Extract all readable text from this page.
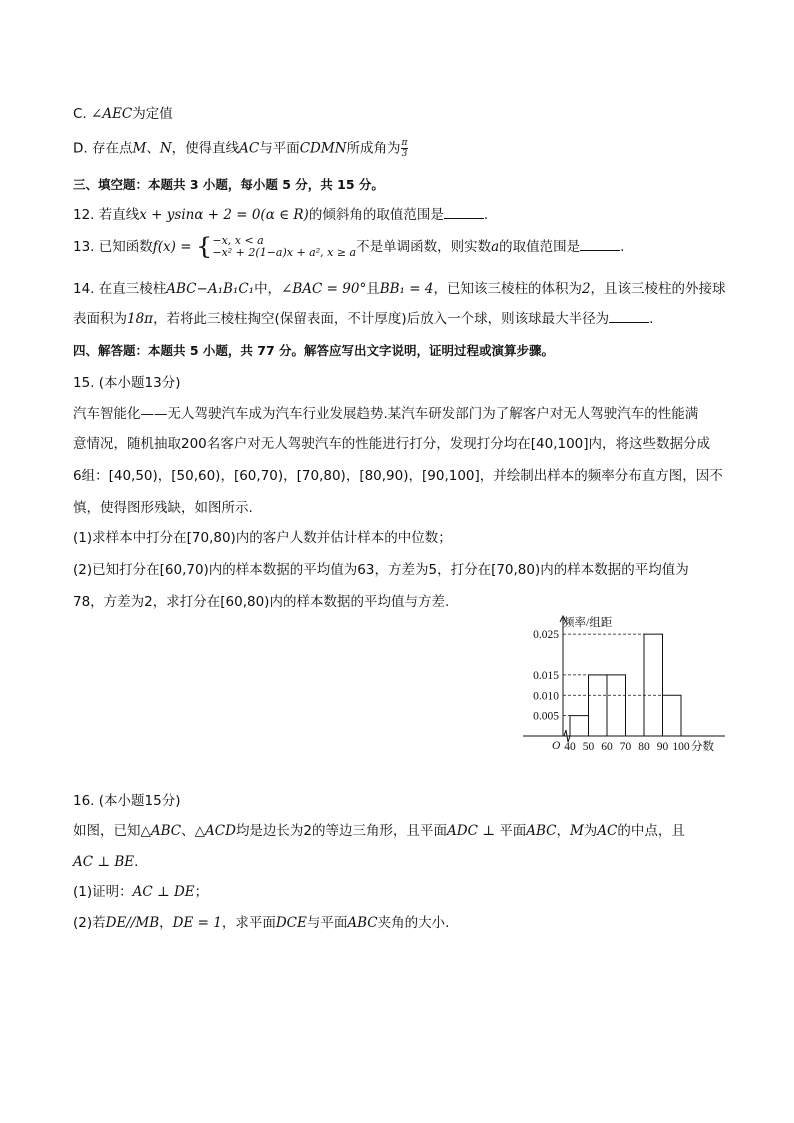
C. ∠AEC为定值
D. 存在点M、N，使得直线AC与平面CDMN所成角为 $\frac{\pi}{3}$
三、填空题：本题共 3 小题，每小题 5 分，共 15 分。
12. 若直线x + ysinα + 2 = 0(α ∈ R)的倾斜角的取值范围是	.
13. 已知函数f(x) = { −x, x < a
−x² + 2(1−a)x + a², x ≥ a 不是单调函数，则实数a的取值范围是	.
14. 在直三棱柱ABC−A₁B₁C₁中，∠BAC = 90°且BB₁ = 4，已知该三棱柱的体积为2，且该三棱柱的外接球
表面积为18π，若将此三棱柱掏空(保留表面，不计厚度)后放入一个球，则该球最大半径为	.
四、解答题：本题共 5 小题，共 77 分。解答应写出文字说明，证明过程或演算步骤。
15. (本小题13分)
汽车智能化——无人驾驶汽车成为汽车行业发展趋势.某汽车研发部门为了解客户对无人驾驶汽车的性能满
意情况，随机抽取200名客户对无人驾驶汽车的性能进行打分，发现打分均在[40,100]内，将这些数据分成
6组：[40,50)，[50,60)，[60,70)，[70,80)，[80,90)，[90,100]，并绘制出样本的频率分布直方图，因不
慎，使得图形残缺，如图所示.
(1)求样本中打分在[70,80)内的客户人数并估计样本的中位数；
(2)已知打分在[60,70)内的样本数据的平均值为63，方差为5，打分在[70,80)内的样本数据的平均值为
78，方差为2，求打分在[60,80)内的样本数据的平均值与方差.
频率/组距
O
0.005
0.010
0.015
0.025
40 50 60 70 80 90 100 分数
16. (本小题15分)
如图，已知△ABC、△ACD均是边长为2的等边三角形，且平面ADC ⊥ 平面ABC，M为AC的中点，且
AC ⊥ BE.
(1)证明：AC ⊥ DE；
(2)若DE//MB，DE = 1，求平面DCE与平面ABC夹角的大小.
